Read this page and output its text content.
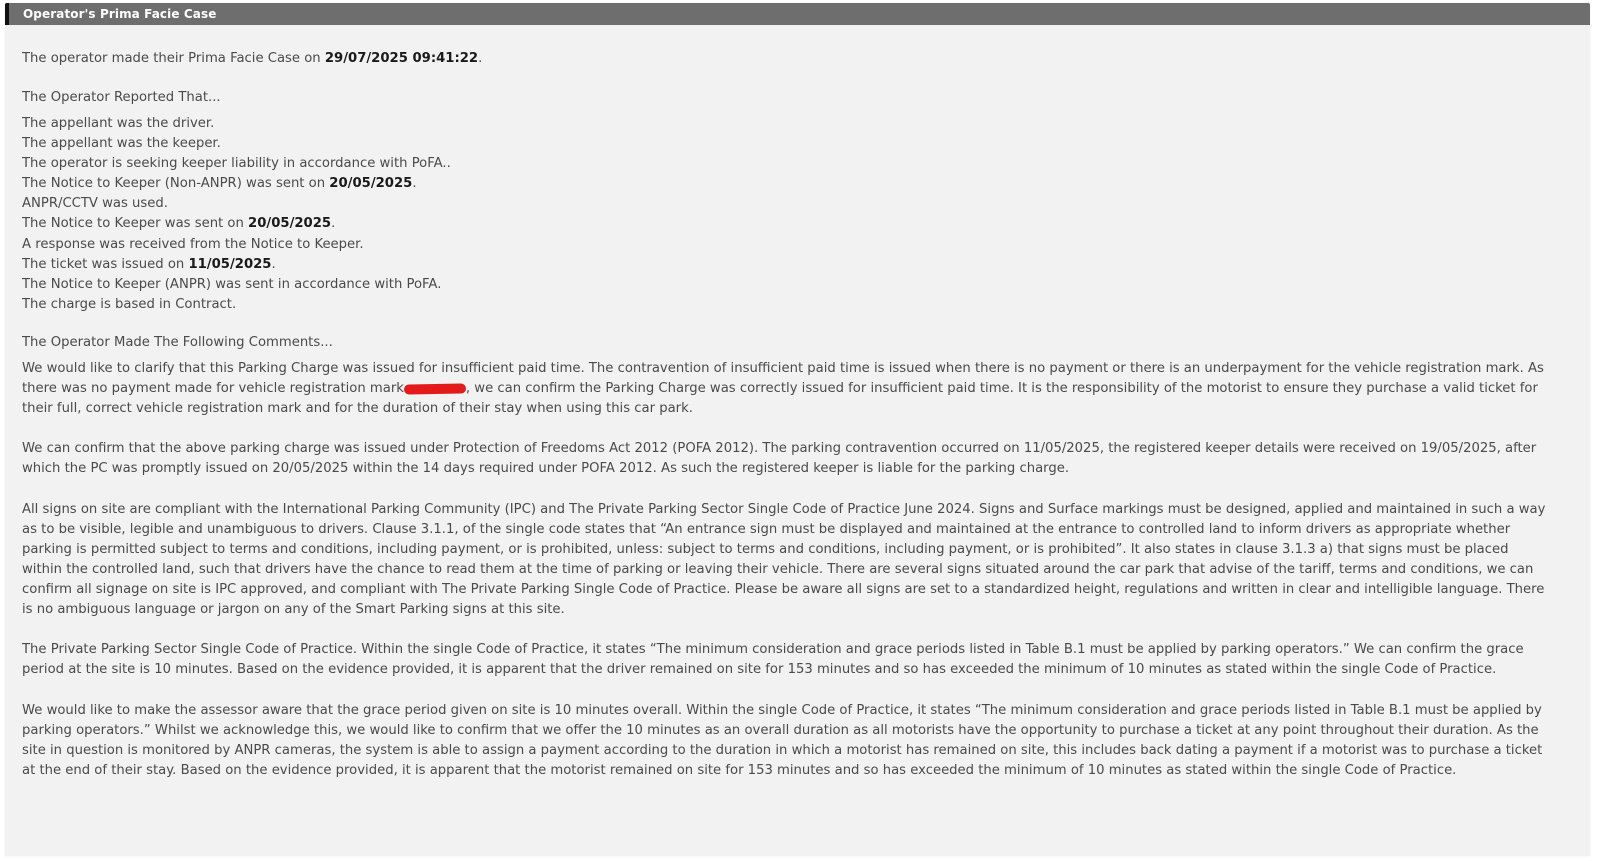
Operator's Prima Facie Case
The operator made their Prima Facie Case on 29/07/2025 09:41:22.
The Operator Reported That...
The appellant was the driver.
The appellant was the keeper.
The operator is seeking keeper liability in accordance with PoFA..
The Notice to Keeper (Non-ANPR) was sent on 20/05/2025.
ANPR/CCTV was used.
The Notice to Keeper was sent on 20/05/2025.
A response was received from the Notice to Keeper.
The ticket was issued on 11/05/2025.
The Notice to Keeper (ANPR) was sent in accordance with PoFA.
The charge is based in Contract.
The Operator Made The Following Comments...

We would like to clarify that this Parking Charge was issued for insufficient paid time. The contravention of insufficient paid time is issued when there is no payment or there is an underpayment for the vehicle registration mark. As there was no payment made for vehicle registration mark	, we can confirm the Parking Charge was correctly issued for insufficient paid time. It is the responsibility of the motorist to ensure they purchase a valid ticket for their full, correct vehicle registration mark and for the duration of their stay when using this car park.

We can confirm that the above parking charge was issued under Protection of Freedoms Act 2012 (POFA 2012). The parking contravention occurred on 11/05/2025, the registered keeper details were received on 19/05/2025, after which the PC was promptly issued on 20/05/2025 within the 14 days required under POFA 2012. As such the registered keeper is liable for the parking charge.

All signs on site are compliant with the International Parking Community (IPC) and The Private Parking Sector Single Code of Practice June 2024. Signs and Surface markings must be designed, applied and maintained in such a way as to be visible, legible and unambiguous to drivers. Clause 3.1.1, of the single code states that “An entrance sign must be displayed and maintained at the entrance to controlled land to inform drivers as appropriate whether parking is permitted subject to terms and conditions, including payment, or is prohibited, unless: subject to terms and conditions, including payment, or is prohibited”. It also states in clause 3.1.3 a) that signs must be placed within the controlled land, such that drivers have the chance to read them at the time of parking or leaving their vehicle. There are several signs situated around the car park that advise of the tariff, terms and conditions, we can confirm all signage on site is IPC approved, and compliant with The Private Parking Single Code of Practice. Please be aware all signs are set to a standardized height, regulations and written in clear and intelligible language. There is no ambiguous language or jargon on any of the Smart Parking signs at this site.

The Private Parking Sector Single Code of Practice. Within the single Code of Practice, it states “The minimum consideration and grace periods listed in Table B.1 must be applied by parking operators.” We can confirm the grace period at the site is 10 minutes. Based on the evidence provided, it is apparent that the driver remained on site for 153 minutes and so has exceeded the minimum of 10 minutes as stated within the single Code of Practice.

We would like to make the assessor aware that the grace period given on site is 10 minutes overall. Within the single Code of Practice, it states “The minimum consideration and grace periods listed in Table B.1 must be applied by parking operators.” Whilst we acknowledge this, we would like to confirm that we offer the 10 minutes as an overall duration as all motorists have the opportunity to purchase a ticket at any point throughout their duration. As the site in question is monitored by ANPR cameras, the system is able to assign a payment according to the duration in which a motorist has remained on site, this includes back dating a payment if a motorist was to purchase a ticket at the end of their stay. Based on the evidence provided, it is apparent that the motorist remained on site for 153 minutes and so has exceeded the minimum of 10 minutes as stated within the single Code of Practice.
